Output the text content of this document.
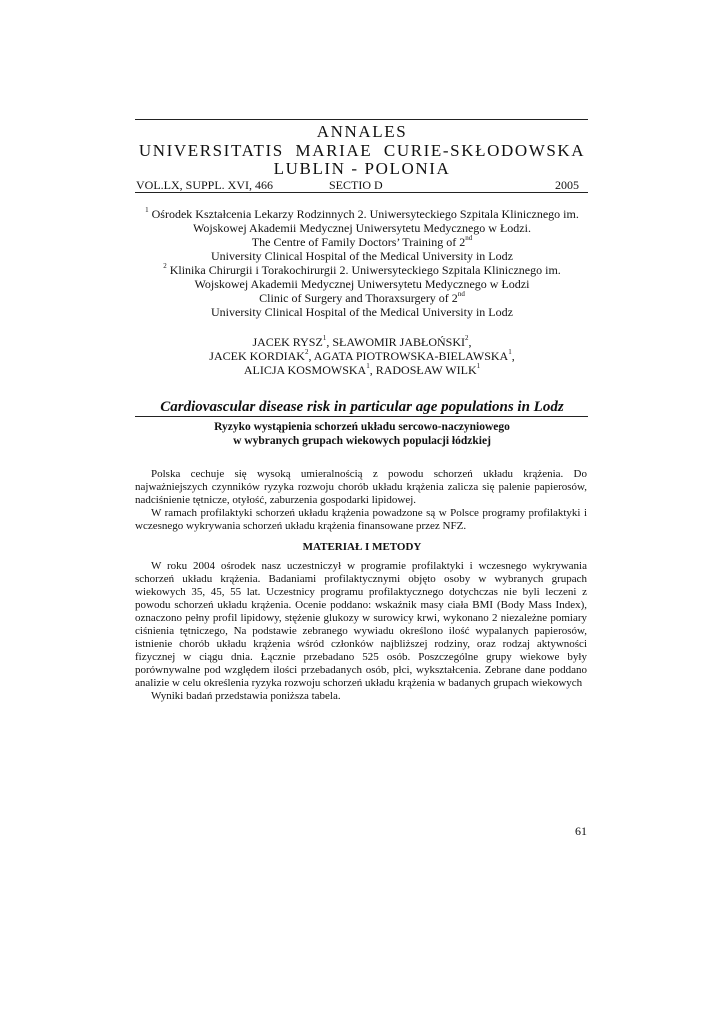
ANNALES
UNIVERSITATIS  MARIAE  CURIE-SKŁODOWSKA
LUBLIN - POLONIA
VOL.LX, SUPPL. XVI, 466	SECTIO D	2005
$^1$ Ośrodek Kształcenia Lekarzy Rodzinnych 2. Uniwersyteckiego Szpitala Klinicznego im.
Wojskowej Akademii Medycznej Uniwersytetu Medycznego w Łodzi.
The Centre of Family Doctors’ Training of 2nd
University Clinical Hospital of the Medical University in Lodz
$^2$ Klinika Chirurgii i Torakochirurgii 2. Uniwersyteckiego Szpitala Klinicznego im.
Wojskowej Akademii Medycznej Uniwersytetu Medycznego w Łodzi
Clinic of Surgery and Thoraxsurgery of 2nd
University Clinical Hospital of the Medical University in Lodz
JACEK RYSZ$^1$, SŁAWOMIR JABŁOŃSKI$^2$,
JACEK KORDIAK$^2$, AGATA PIOTROWSKA-BIELAWSKA$^1$,
ALICJA KOSMOWSKA$^1$, RADOSŁAW WILK$^1$
Cardiovascular disease risk in particular age populations in Lodz
Ryzyko wystąpienia schorzeń układu sercowo-naczyniowego
w wybranych grupach wiekowych populacji łódzkiej

Polska cechuje się wysoką umieralnością z powodu schorzeń układu krążenia. Do najważniejszych czynników ryzyka rozwoju chorób układu krążenia zalicza się palenie papierosów, nadciśnienie tętnicze, otyłość, zaburzenia gospodarki lipidowej.

W ramach profilaktyki schorzeń układu krążenia powadzone są w Polsce programy profilaktyki i wczesnego wykrywania schorzeń układu krążenia finansowane przez NFZ.

MATERIAŁ I METODY

W roku 2004 ośrodek nasz uczestniczył w programie profilaktyki i wczesnego wykrywania schorzeń układu krążenia. Badaniami profilaktycznymi objęto osoby w wybranych grupach wiekowych 35, 45, 55 lat. Uczestnicy programu profilaktycznego dotychczas nie byli leczeni z powodu schorzeń układu krążenia. Ocenie poddano: wskaźnik masy ciała BMI (Body Mass Index), oznaczono pełny profil lipidowy, stężenie glukozy w surowicy krwi, wykonano 2 niezależne pomiary ciśnienia tętniczego, Na podstawie zebranego wywiadu określono ilość wypalanych papierosów, istnienie chorób układu krążenia wśród członków najbliższej rodziny, oraz rodzaj aktywności fizycznej w ciągu dnia. Łącznie przebadano 525 osób. Poszczególne grupy wiekowe były porównywalne pod względem ilości przebadanych osób, płci, wykształcenia. Zebrane dane poddano analizie w celu określenia ryzyka rozwoju schorzeń układu krążenia w badanych grupach wiekowych

Wyniki badań przedstawia poniższa tabela.

61
